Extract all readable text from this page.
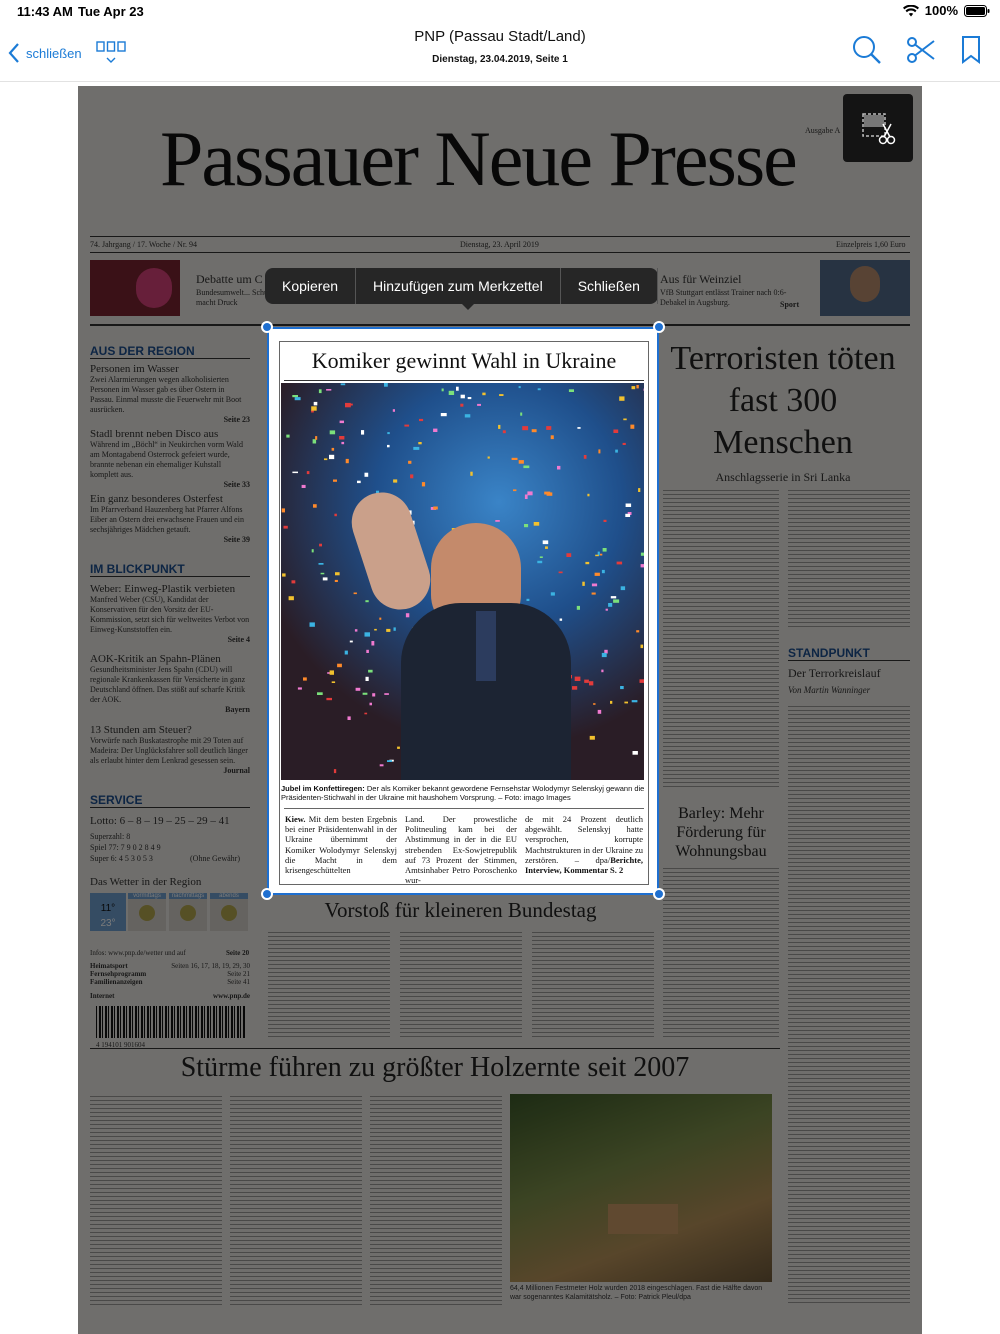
11:43 AM Tue Apr 23	100%
schließen
PNP (Passau Stadt/Land)
Dienstag, 23.04.2019, Seite 1
Komiker gewinnt Wahl in Ukraine
Jubel im Konfettiregen: Der als Komiker bekannt gewordene Fernsehstar Wolodymyr Selenskyj gewann die Präsidenten-Stichwahl in der Ukraine mit haushohem Vorsprung. – Foto: imago Images
Kiew. Mit dem besten Ergebnis bei einer Präsidentenwahl in der Ukraine übernimmt der Komiker Wolodymyr Selenskyj die Macht in dem krisengeschüttelten
Land. Der prowestliche Politneuling kam bei der Abstimmung in der in die EU strebenden Ex-Sowjetrepublik auf 73 Prozent der Stimmen, Amtsinhaber Petro Poroschenko wur-
de mit 24 Prozent deutlich abgewählt. Selenskyj hatte versprochen, korrupte Machtstrukturen in der Ukraine zu zerstören. – dpa/Berichte, Interview, Kommentar S. 2
Kopieren	Hinzufügen zum Merkzettel	Schließen
